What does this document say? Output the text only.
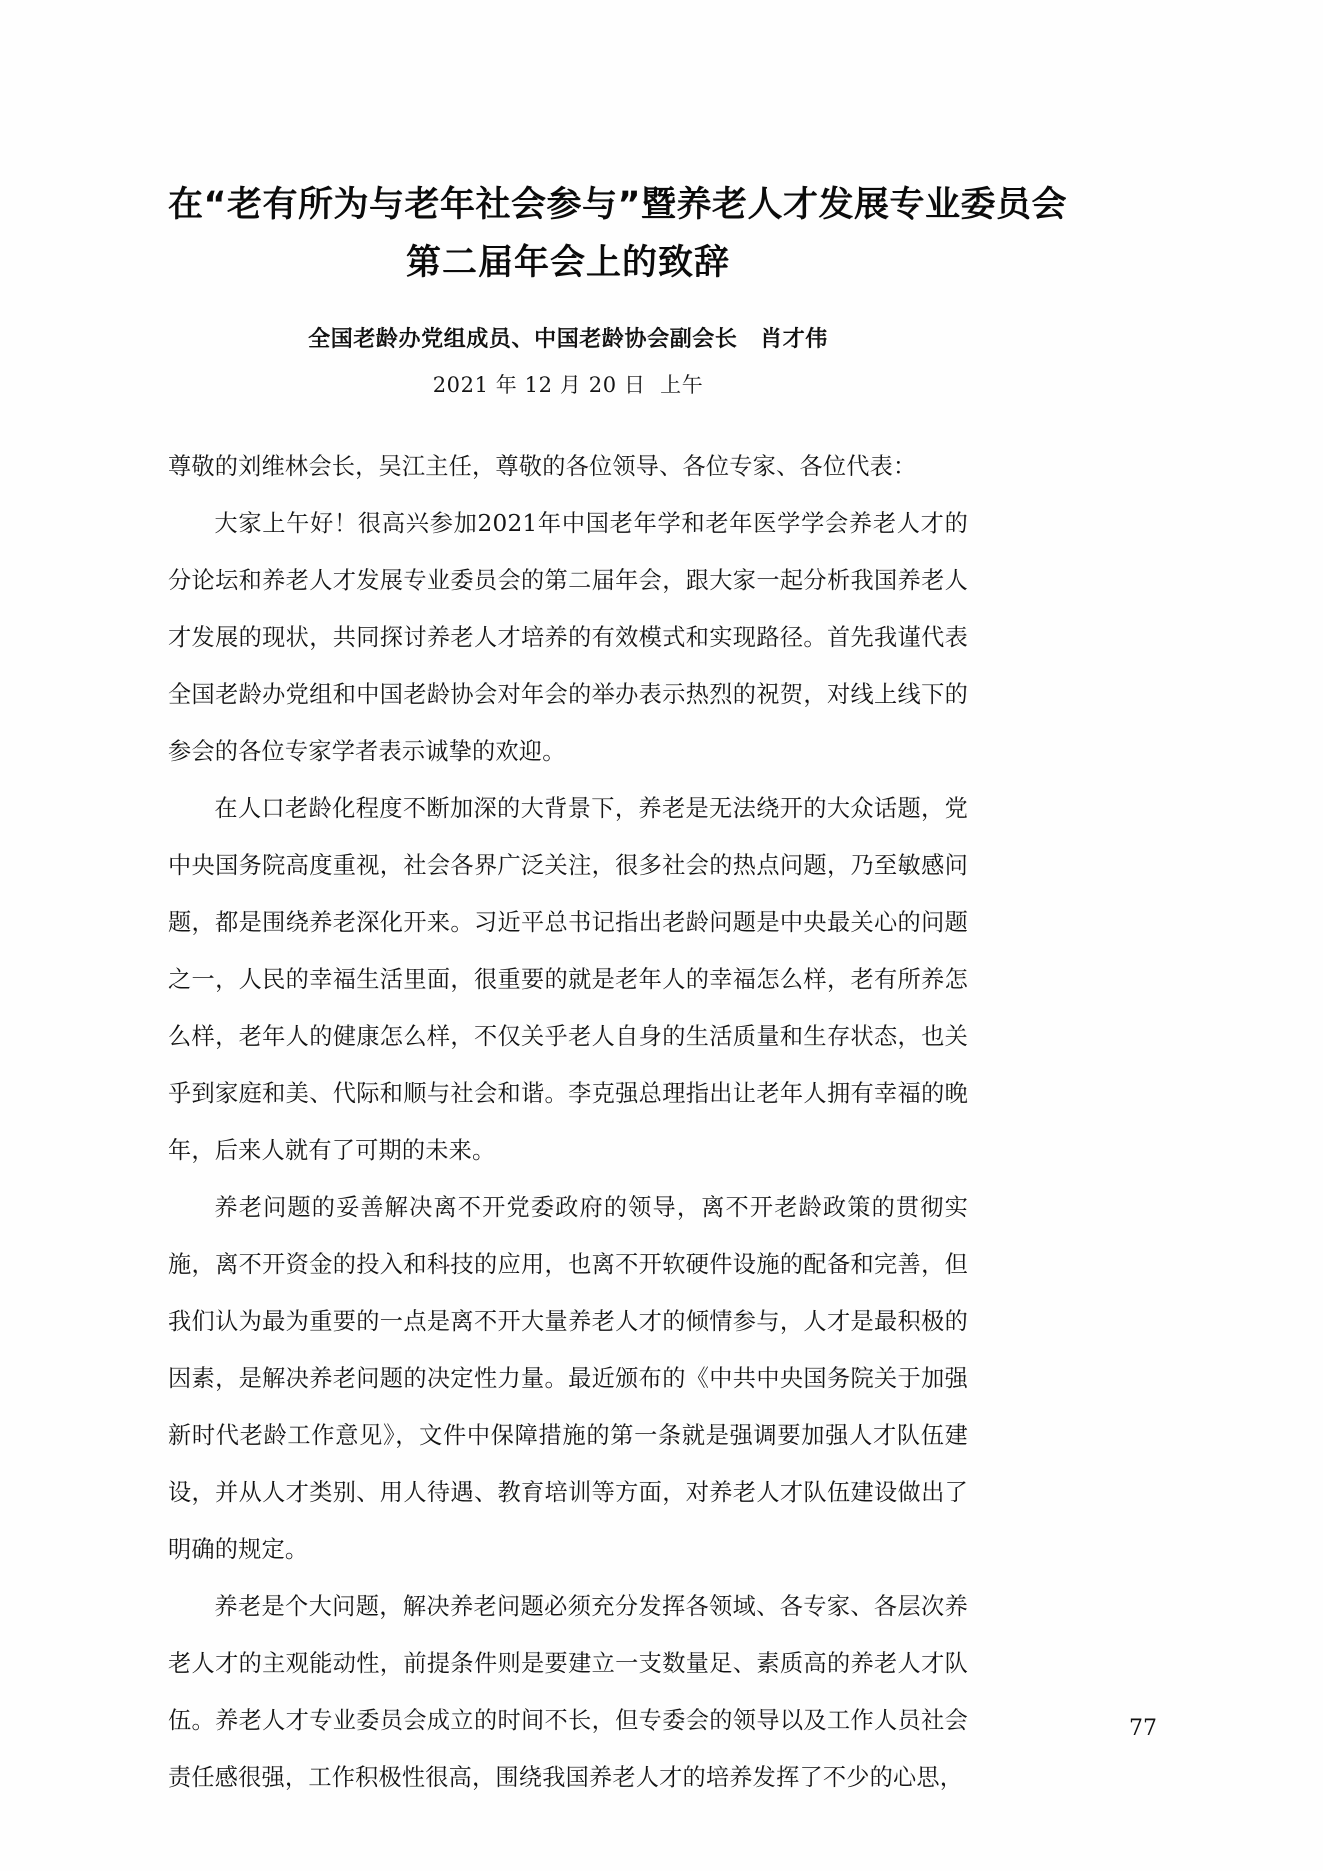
在“老有所为与老年社会参与”暨养老人才发展专业委员会
第二届年会上的致辞

全国老龄办党组成员、中国老龄协会副会长　肖才伟

2021 年 12 月 20 日  上午

尊敬的刘维林会长，吴江主任，尊敬的各位领导、各位专家、各位代表：

大家上午好！很高兴参加2021年中国老年学和老年医学学会养老人才的分论坛和养老人才发展专业委员会的第二届年会，跟大家一起分析我国养老人才发展的现状，共同探讨养老人才培养的有效模式和实现路径。首先我谨代表全国老龄办党组和中国老龄协会对年会的举办表示热烈的祝贺，对线上线下的参会的各位专家学者表示诚挚的欢迎。

在人口老龄化程度不断加深的大背景下，养老是无法绕开的大众话题，党中央国务院高度重视，社会各界广泛关注，很多社会的热点问题，乃至敏感问题，都是围绕养老深化开来。习近平总书记指出老龄问题是中央最关心的问题之一，人民的幸福生活里面，很重要的就是老年人的幸福怎么样，老有所养怎么样，老年人的健康怎么样，不仅关乎老人自身的生活质量和生存状态，也关乎到家庭和美、代际和顺与社会和谐。李克强总理指出让老年人拥有幸福的晚年，后来人就有了可期的未来。

养老问题的妥善解决离不开党委政府的领导，离不开老龄政策的贯彻实施，离不开资金的投入和科技的应用，也离不开软硬件设施的配备和完善，但我们认为最为重要的一点是离不开大量养老人才的倾情参与，人才是最积极的因素，是解决养老问题的决定性力量。最近颁布的《中共中央国务院关于加强新时代老龄工作意见》，文件中保障措施的第一条就是强调要加强人才队伍建设，并从人才类别、用人待遇、教育培训等方面，对养老人才队伍建设做出了明确的规定。

养老是个大问题，解决养老问题必须充分发挥各领域、各专家、各层次养老人才的主观能动性，前提条件则是要建立一支数量足、素质高的养老人才队伍。养老人才专业委员会成立的时间不长，但专委会的领导以及工作人员社会责任感很强，工作积极性很高，围绕我国养老人才的培养发挥了不少的心思，

77
